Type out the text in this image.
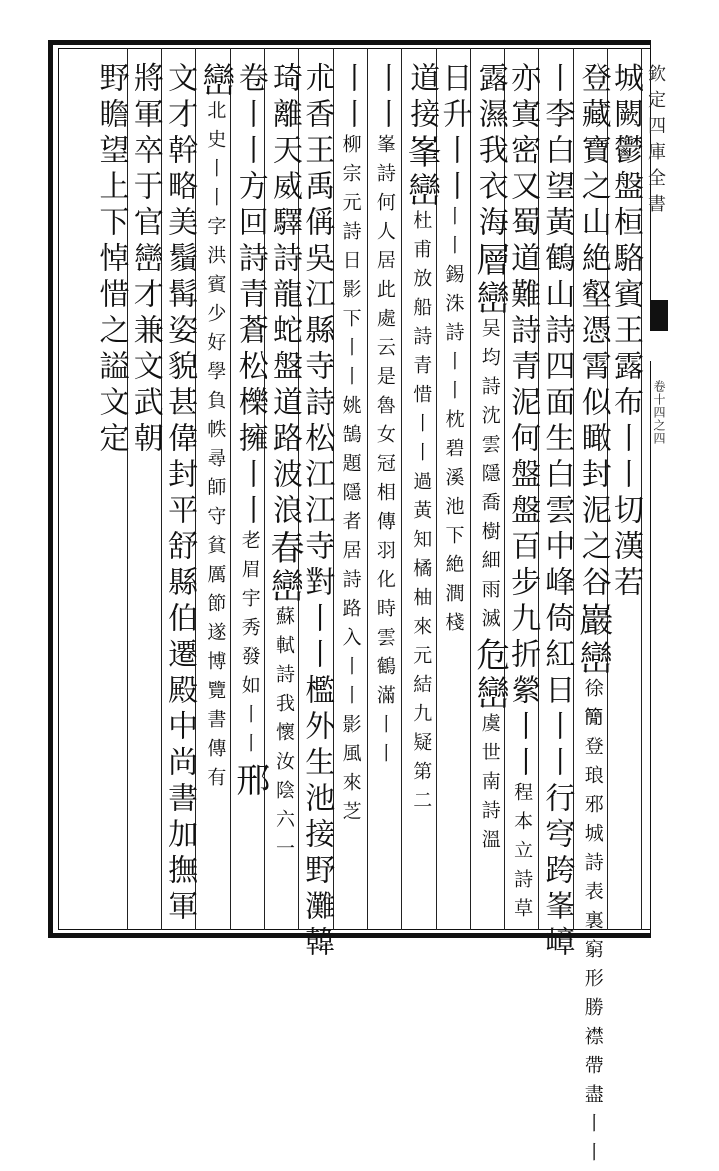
欽定四庫全書
卷十四之四
城闕鬱盤桓駱賓王露布丨丨切漢若
登藏寶之山絶壑憑霄似瞰封泥之谷巖巒徐𥳑登琅邪城詩表裏窮形勝襟帶盡丨丨
丨李白望黃鶴山詩四面生白雲中峰倚紅日丨丨行穹跨峯嶂
亦寘密又蜀道難詩青泥何盤盤百步九折縈丨丨程本立詩草
露濕我衣海層巒吴均詩沈雲隱喬樹細雨滅危巒虞世南詩溫
日升丨丨丨丨錫洙詩丨丨枕碧溪池下絶澗棧
道接峯巒杜甫放船詩青惜丨丨過黃知橘柚來元結九疑第二
丨丨峯詩何人居此處云是魯女冠相傳羽化時雲鶴滿丨丨
丨丨柳宗元詩日影下丨丨姚鵠題隱者居詩路入丨丨影風來芝
朮香王禹偁吳江縣寺詩松江江寺對丨丨檻外生池接野灘韓
琦離天威驛詩龍蛇盤道路波浪春巒蘇軾詩我懷汝陰六一
卷丨丨方回詩青蒼松櫟擁丨丨老眉宇秀發如丨丨邢
巒北史丨丨字洪賓少好學負帙尋師守貧厲節遂博覽書傳有
文才幹略美鬚髯姿貌甚偉封平舒縣伯遷殿中尚書加撫軍
將軍卒于官巒才兼文武朝
野瞻望上下悼惜之謚文定
